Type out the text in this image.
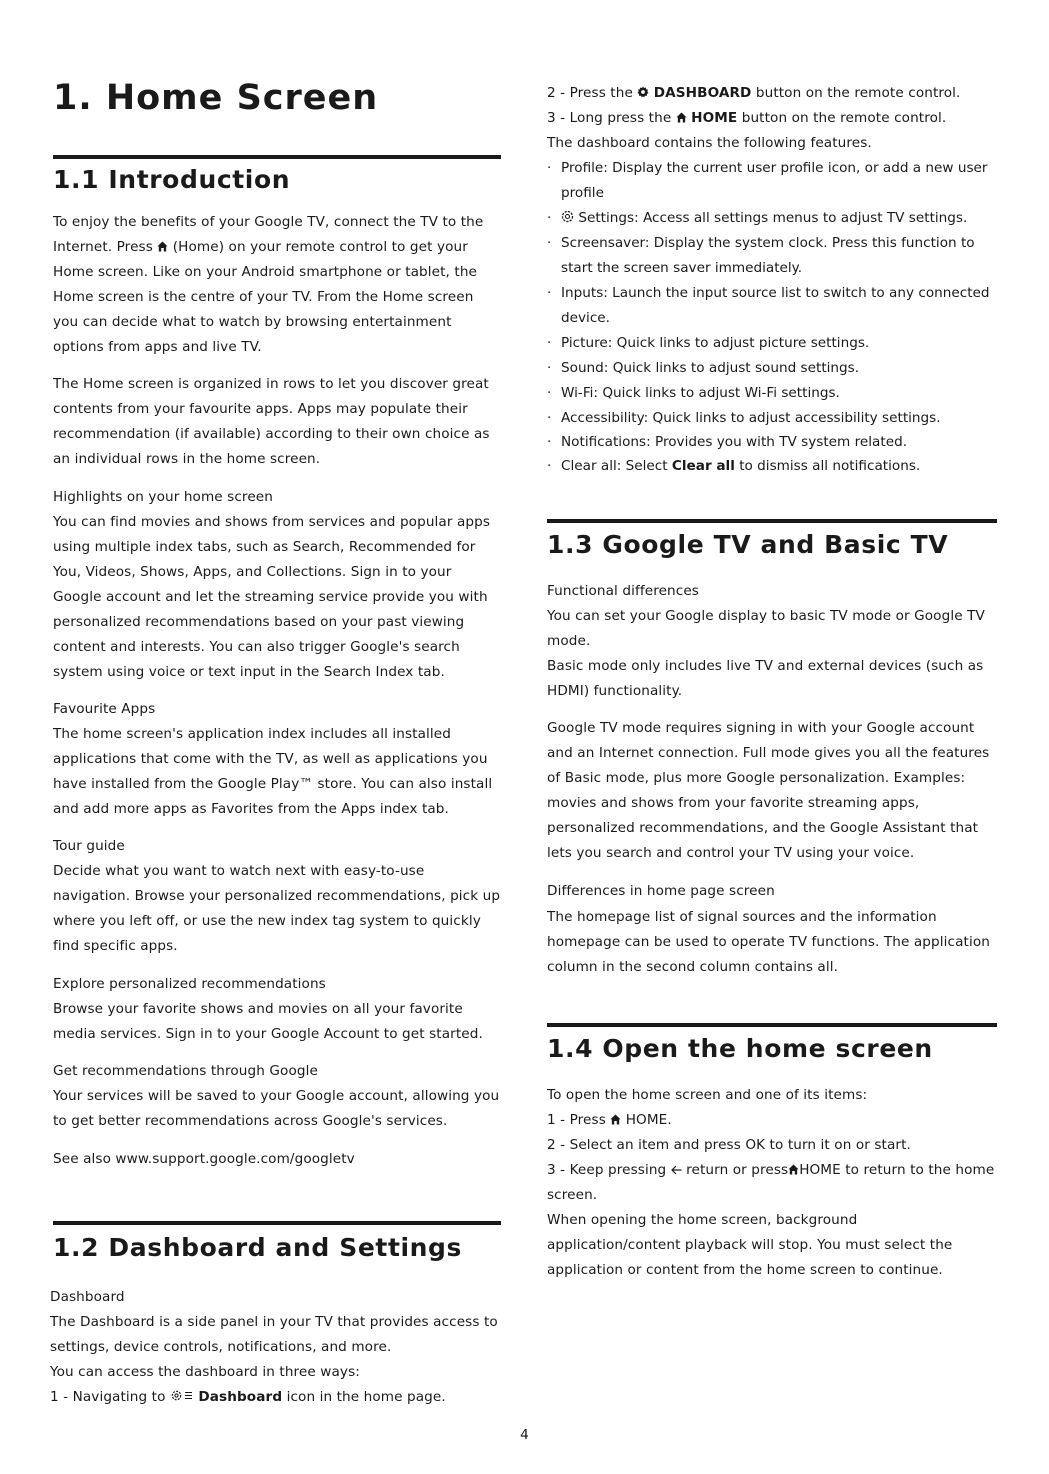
1. Home Screen
1.1 Introduction

To enjoy the benefits of your Google TV, connect the TV to the Internet. Press  (Home) on your remote control to get your Home screen. Like on your Android smartphone or tablet, the Home screen is the centre of your TV. From the Home screen you can decide what to watch by browsing entertainment options from apps and live TV.

The Home screen is organized in rows to let you discover great contents from your favourite apps. Apps may populate their recommendation (if available) according to their own choice as an individual rows in the home screen.

Highlights on your home screen

You can find movies and shows from services and popular apps using multiple index tabs, such as Search, Recommended for You, Videos, Shows, Apps, and Collections. Sign in to your Google account and let the streaming service provide you with personalized recommendations based on your past viewing content and interests. You can also trigger Google's search system using voice or text input in the Search Index tab.

Favourite Apps

The home screen's application index includes all installed applications that come with the TV, as well as applications you have installed from the Google Play™ store. You can also install and add more apps as Favorites from the Apps index tab.

Tour guide

Decide what you want to watch next with easy-to-use navigation. Browse your personalized recommendations, pick up where you left off, or use the new index tag system to quickly find specific apps.

Explore personalized recommendations

Browse your favorite shows and movies on all your favorite media services. Sign in to your Google Account to get started.

Get recommendations through Google

Your services will be saved to your Google account, allowing you to get better recommendations across Google's services.

See also www.support.google.com/googletv

1.2 Dashboard and Settings

Dashboard

The Dashboard is a side panel in your TV that provides access to settings, device controls, notifications, and more.

You can access the dashboard in three ways:

1 - Navigating to  Dashboard icon in the home page.

2 - Press the  DASHBOARD button on the remote control.

3 - Long press the  HOME button on the remote control.

The dashboard contains the following features.

· Profile: Display the current user profile icon, or add a new user profile
· Settings: Access all settings menus to adjust TV settings.
· Screensaver: Display the system clock. Press this function to start the screen saver immediately.
· Inputs: Launch the input source list to switch to any connected device.
· Picture: Quick links to adjust picture settings.
· Sound: Quick links to adjust sound settings.
· Wi-Fi: Quick links to adjust Wi-Fi settings.
· Accessibility: Quick links to adjust accessibility settings.
· Notifications: Provides you with TV system related.
· Clear all: Select Clear all to dismiss all notifications.
1.3 Google TV and Basic TV

Functional differences

You can set your Google display to basic TV mode or Google TV mode.

Basic mode only includes live TV and external devices (such as HDMI) functionality.

Google TV mode requires signing in with your Google account and an Internet connection. Full mode gives you all the features of Basic mode, plus more Google personalization. Examples: movies and shows from your favorite streaming apps, personalized recommendations, and the Google Assistant that lets you search and control your TV using your voice.

Differences in home page screen

The homepage list of signal sources and the information homepage can be used to operate TV functions. The application column in the second column contains all.

1.4 Open the home screen

To open the home screen and one of its items:

1 - Press  HOME.

2 - Select an item and press OK to turn it on or start.

3 - Keep pressing  return or press HOME to return to the home screen.

When opening the home screen, background application/content playback will stop. You must select the application or content from the home screen to continue.

4
